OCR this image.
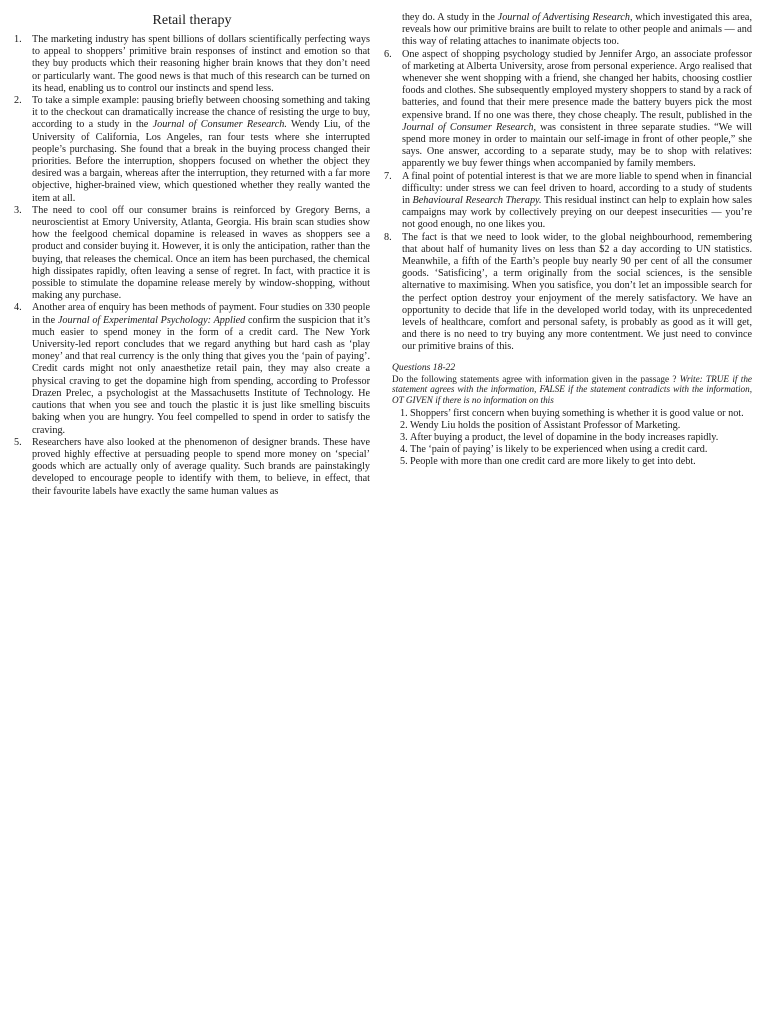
Retail therapy

1.	The marketing industry has spent billions of dollars scientifically perfecting ways to appeal to shoppers’ primitive brain responses of instinct and emotion so that they buy products which their reasoning higher brain knows that they don’t need or particularly want. The good news is that much of this research can be turned on its head, enabling us to control our instincts and spend less.

2.	To take a simple example: pausing briefly between choosing something and taking it to the checkout can dramatically increase the chance of resisting the urge to buy, according to a study in the Journal of Consumer Research. Wendy Liu, of the University of California, Los Angeles, ran four tests where she interrupted people’s purchasing. She found that a break in the buying process changed their priorities. Before the interruption, shoppers focused on whether the object they desired was a bargain, whereas after the interruption, they returned with a far more objective, higher-brained view, which questioned whether they really wanted the item at all.

3.	The need to cool off our consumer brains is reinforced by Gregory Berns, a neuroscientist at Emory University, Atlanta, Georgia. His brain scan studies show how the feelgood chemical dopamine is released in waves as shoppers see a product and consider buying it. However, it is only the anticipation, rather than the buying, that releases the chemical. Once an item has been purchased, the chemical high dissipates rapidly, often leaving a sense of regret. In fact, with practice it is possible to stimulate the dopamine release merely by window-shopping, without making any purchase.

4.	Another area of enquiry has been methods of payment. Four studies on 330 people in the Journal of Experimental Psychology: Applied confirm the suspicion that it’s much easier to spend money in the form of a credit card. The New York University-led report concludes that we regard anything but hard cash as ‘play money’ and that real currency is the only thing that gives you the ‘pain of paying’. Credit cards might not only anaesthetize retail pain, they may also create a physical craving to get the dopamine high from spending, according to Professor Drazen Prelec, a psychologist at the Massachusetts Institute of Technology. He cautions that when you see and touch the plastic it is just like smelling biscuits baking when you are hungry. You feel compelled to spend in order to satisfy the craving.

5.	Researchers have also looked at the phenomenon of designer brands. These have proved highly effective at persuading people to spend more money on ‘special’ goods which are actually only of average quality. Such brands are painstakingly developed to encourage people to identify with them, to believe, in effect, that their favourite labels have exactly the same human values as

they do. A study in the Journal of Advertising Research, which investigated this area, reveals how our primitive brains are built to relate to other people and animals — and this way of relating attaches to inanimate objects too.

6.	One aspect of shopping psychology studied by Jennifer Argo, an associate professor of marketing at Alberta University, arose from personal experience. Argo realised that whenever she went shopping with a friend, she changed her habits, choosing costlier foods and clothes. She subsequently employed mystery shoppers to stand by a rack of batteries, and found that their mere presence made the battery buyers pick the most expensive brand. If no one was there, they chose cheaply. The result, published in the Journal of Consumer Research, was consistent in three separate studies. “We will spend more money in order to maintain our self-image in front of other people,” she says. One answer, according to a separate study, may be to shop with relatives: apparently we buy fewer things when accompanied by family members.

7.	A final point of potential interest is that we are more liable to spend when in financial difficulty: under stress we can feel driven to hoard, according to a study of students in Behavioural Research Therapy. This residual instinct can help to explain how sales campaigns may work by collectively preying on our deepest insecurities — you’re not good enough, no one likes you.

8.	The fact is that we need to look wider, to the global neighbourhood, remembering that about half of humanity lives on less than $2 a day according to UN statistics. Meanwhile, a fifth of the Earth’s people buy nearly 90 per cent of all the consumer goods. ‘Satisficing’, a term originally from the social sciences, is the sensible alternative to maximising. When you satisfice, you don’t let an impossible search for the perfect option destroy your enjoyment of the merely satisfactory. We have an opportunity to decide that life in the developed world today, with its unprecedented levels of healthcare, comfort and personal safety, is probably as good as it will get, and there is no need to try buying any more contentment. We just need to convince our primitive brains of this.

Questions 18-22

Do the following statements agree with information given in the passage ? Write: TRUE if the statement agrees with the information, FALSE if the statement contradicts with the information, OT GIVEN if there is no information on this

1. Shoppers’ first concern when buying something is whether it is good value or not.
2. Wendy Liu holds the position of Assistant Professor of Marketing.
3. After buying a product, the level of dopamine in the body increases rapidly.
4. The ‘pain of paying’ is likely to be experienced when using a credit card.
5. People with more than one credit card are more likely to get into debt.
